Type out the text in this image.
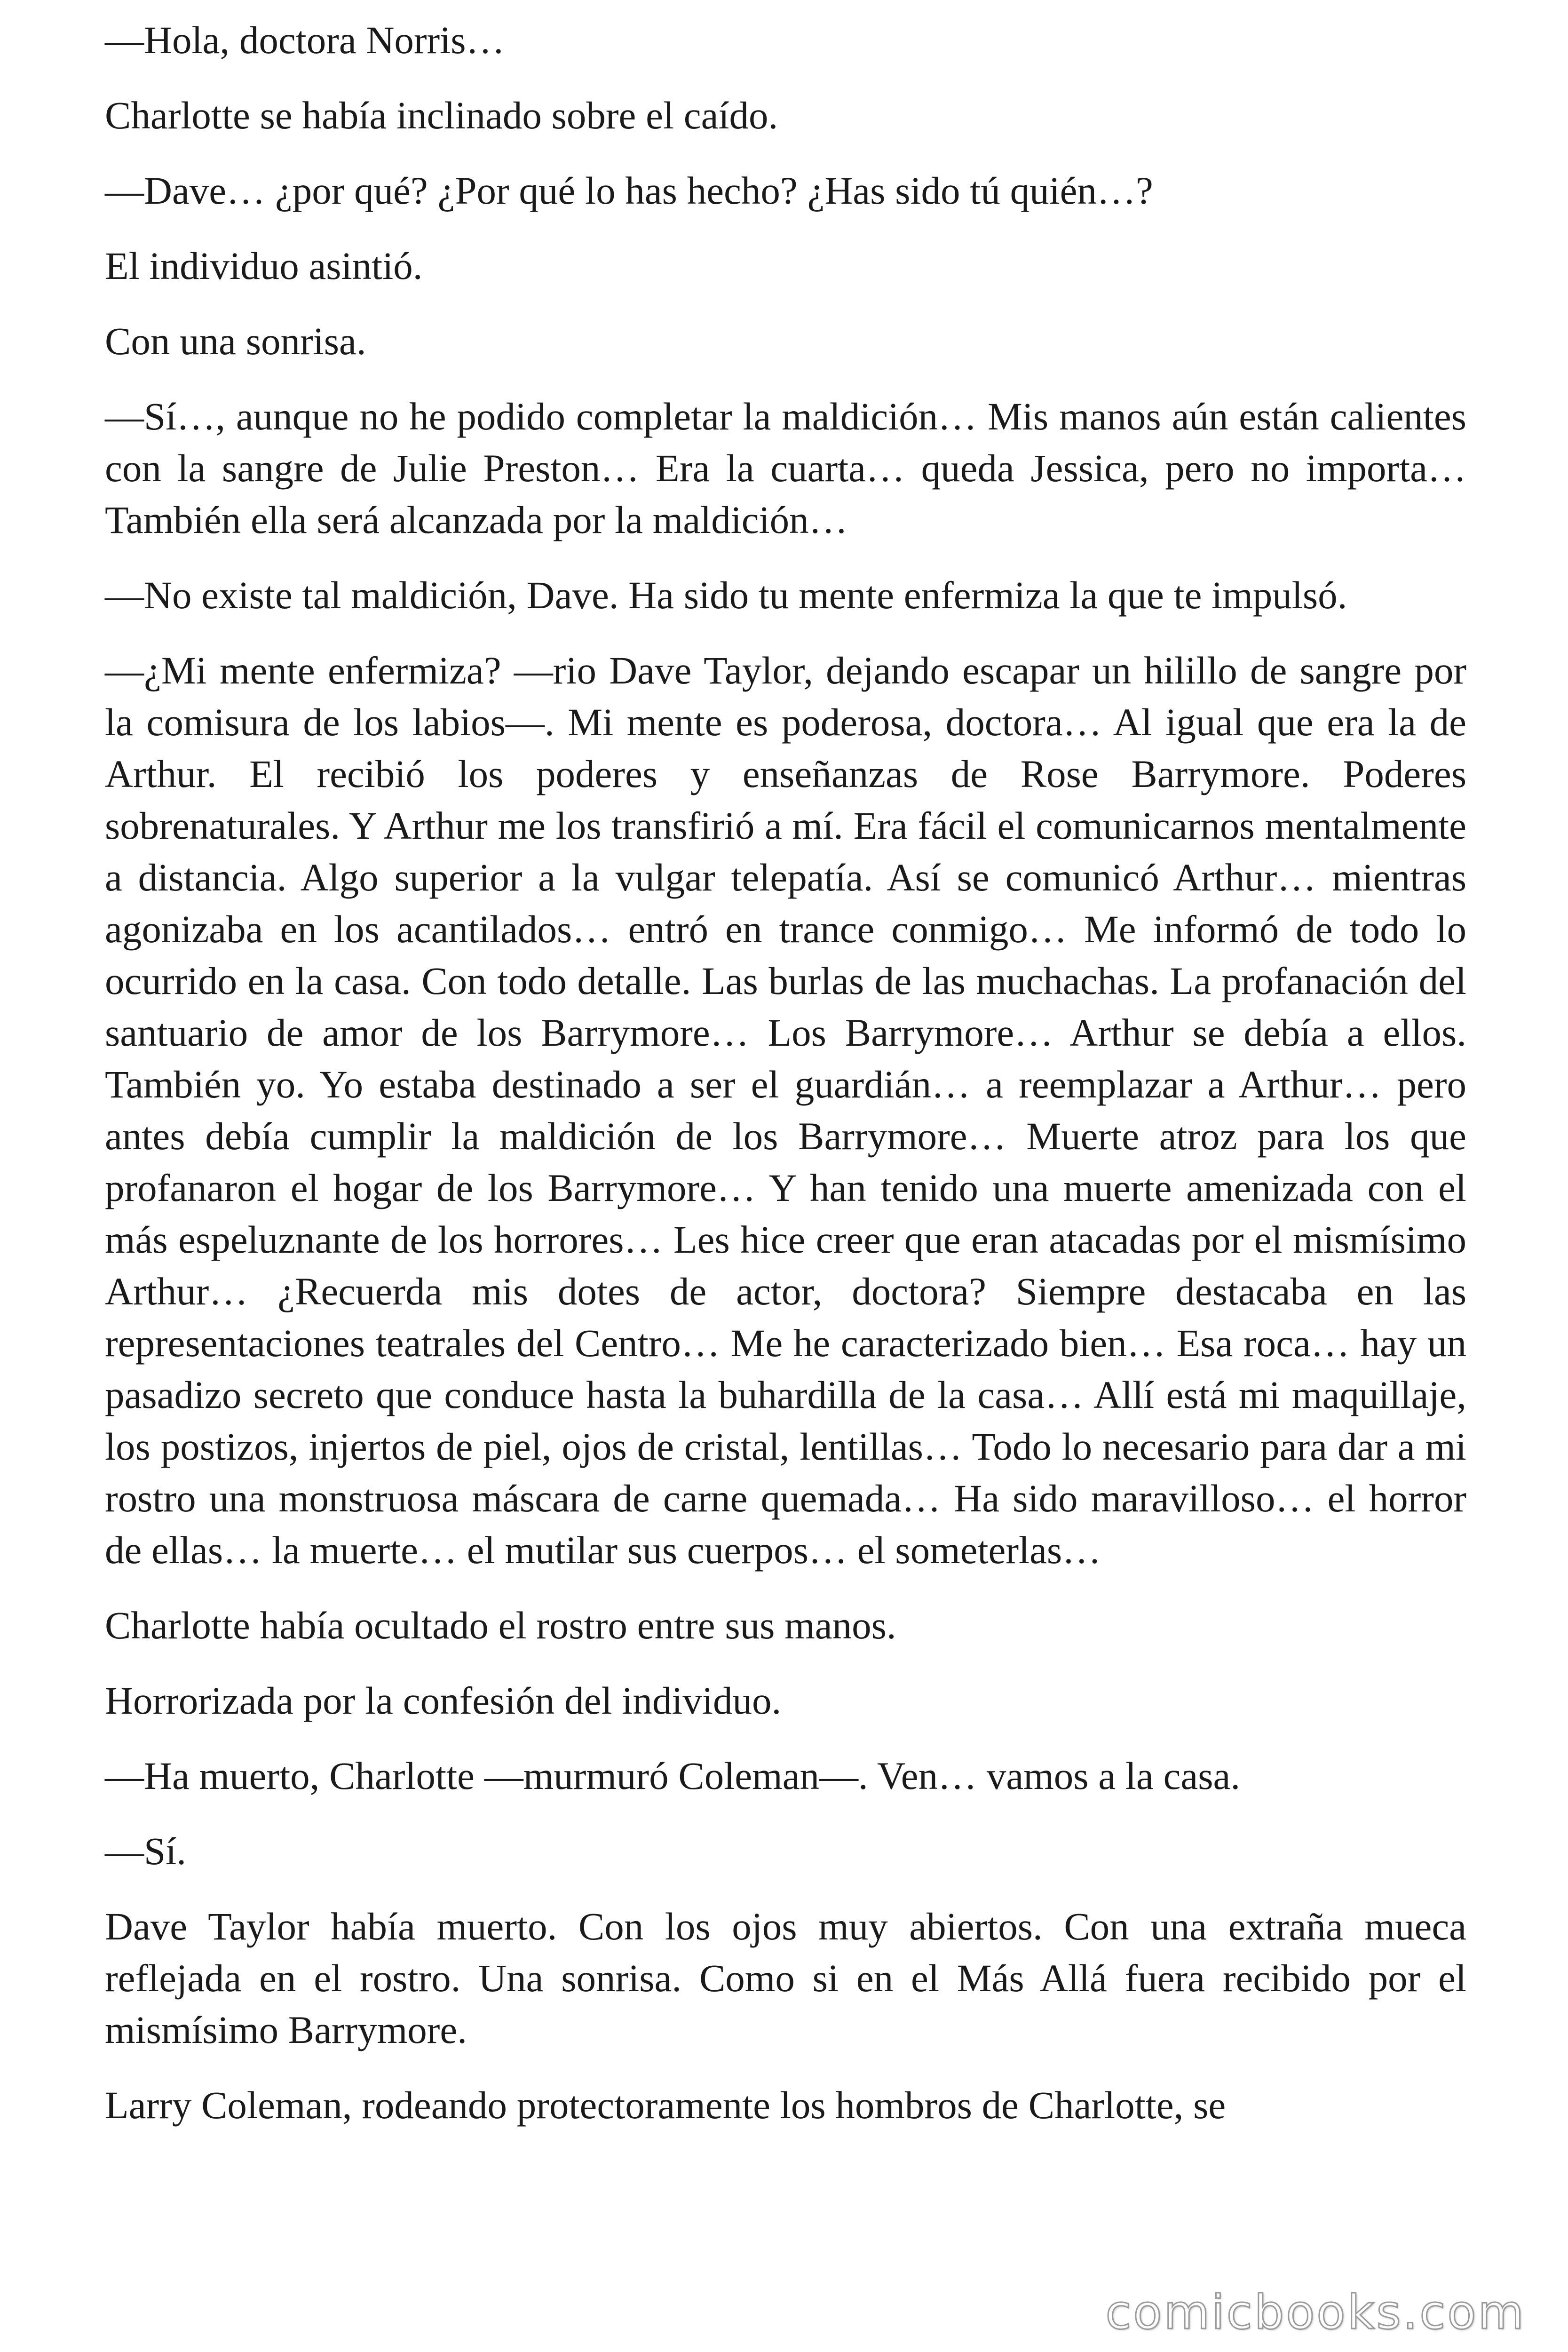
—Hola, doctora Norris…

Charlotte se había inclinado sobre el caído.

—Dave… ¿por qué? ¿Por qué lo has hecho? ¿Has sido tú quién…?

El individuo asintió.

Con una sonrisa.

—Sí…, aunque no he podido completar la maldición… Mis manos aún están calientes con la sangre de Julie Preston… Era la cuarta… queda Jessica, pero no importa… También ella será alcanzada por la maldición…

—No existe tal maldición, Dave. Ha sido tu mente enfermiza la que te impulsó.

—¿Mi mente enfermiza? —rio Dave Taylor, dejando escapar un hilillo de sangre por la comisura de los labios—. Mi mente es poderosa, doctora… Al igual que era la de Arthur. El recibió los poderes y enseñanzas de Rose Barrymore. Poderes sobrenaturales. Y Arthur me los transfirió a mí. Era fácil el comunicarnos mentalmente a distancia. Algo superior a la vulgar telepatía. Así se comunicó Arthur… mientras agonizaba en los acantilados… entró en trance conmigo… Me informó de todo lo ocurrido en la casa. Con todo detalle. Las burlas de las muchachas. La profanación del santuario de amor de los Barrymore… Los Barrymore… Arthur se debía a ellos. También yo. Yo estaba destinado a ser el guardián… a reemplazar a Arthur… pero antes debía cumplir la maldición de los Barrymore… Muerte atroz para los que profanaron el hogar de los Barrymore… Y han tenido una muerte amenizada con el más espeluznante de los horrores… Les hice creer que eran atacadas por el mismísimo Arthur… ¿Recuerda mis dotes de actor, doctora? Siempre destacaba en las representaciones teatrales del Centro… Me he caracterizado bien… Esa roca… hay un pasadizo secreto que conduce hasta la buhardilla de la casa… Allí está mi maquillaje, los postizos, injertos de piel, ojos de cristal, lentillas… Todo lo necesario para dar a mi rostro una monstruosa máscara de carne quemada… Ha sido maravilloso… el horror de ellas… la muerte… el mutilar sus cuerpos… el someterlas…

Charlotte había ocultado el rostro entre sus manos.

Horrorizada por la confesión del individuo.

—Ha muerto, Charlotte —murmuró Coleman—. Ven… vamos a la casa.

—Sí.

Dave Taylor había muerto. Con los ojos muy abiertos. Con una extraña mueca reflejada en el rostro. Una sonrisa. Como si en el Más Allá fuera recibido por el mismísimo Barrymore.

Larry Coleman, rodeando protectoramente los hombros de Charlotte, se

comicbooks.com
